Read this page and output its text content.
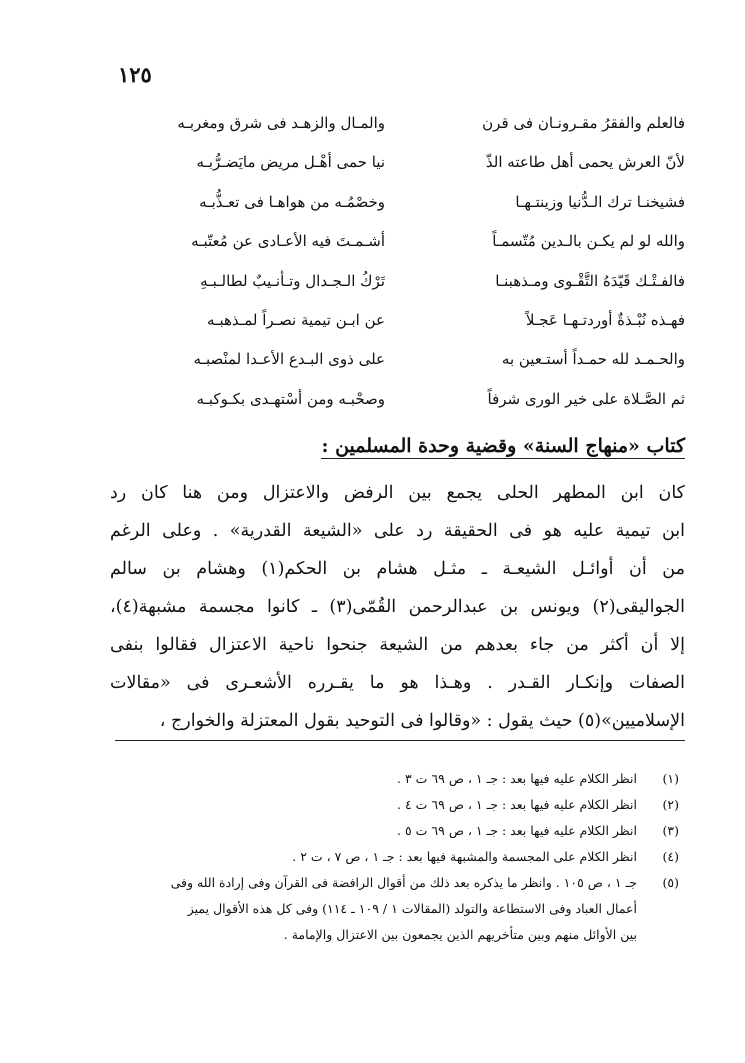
١٢٥
فالعلم والفقرُ مقـرونـان فى قرن
والمـال والزهـد فى شرق ومغربـه
لأنّ العرش يحمى أهل طاعته الذّ
نيا حمى أهْـل مريض مايَضـرُّبـه
فشيخنـا ترك الـدُّنيا وزينتـهـا
وخصْمُـه من هواهـا فى تعـذُّبـه
والله لو لم يكـن بالـدين مُتّسمـاً
أشـمـتَ فيه الأعـادى عن مُعتّبـه
فالفـتْـك قَيّدَهُ التَّقْـوى ومـذهبنـا
تَرْكُ الـجـدال وتـأنـيبٌ لطالـبـهِ
فهـذه نُبْـذةٌ أوردتـهـا عَجـلاً
عن ابـن تيمية نصـراً لمـذهبـه
والحـمـد لله حمـداً أستـعين به
على ذوى البـدع الأعـدا لمنْصبـه
ثم الصَّـلاة على خير الورى شرفاً
وصحْبـه ومن أسْتهـدى بكـوكبـه
كتاب «منهاج السنة» وقضية وحدة المسلمين :
كان ابن المطهر الحلى يجمع بين الرفض والاعتزال ومن هنا كان رد
ابن تيمية عليه هو فى الحقيقة رد على «الشيعة القدرية» . وعلى الرغم
من أن أوائـل الشيعـة ـ مثـل هشام بن الحكم(١) وهشام بن سالم
الجواليقى(٢) ويونس بن عبدالرحمن القُمّى(٣) ـ كانوا مجسمة مشبهة(٤)،
إلا أن أكثر من جاء بعدهم من الشيعة جنحوا ناحية الاعتزال فقالوا بنفى
الصفات وإنكـار القـدر . وهـذا هو ما يقـرره الأشعـرى فى «مقالات
الإسلاميين»(٥) حيث يقول : «وقالوا فى التوحيد بقول المعتزلة والخوارج ،
(١)
انظر الكلام عليه فيها بعد : جـ ١ ، ص ٦٩ ت ٣ .
(٢)
انظر الكلام عليه فيها بعد : جـ ١ ، ص ٦٩ ت ٤ .
(٣)
انظر الكلام عليه فيها بعد : جـ ١ ، ص ٦٩ ت ٥ .
(٤)
انظر الكلام على المجسمة والمشبهة فيها بعد : جـ ١ ، ص ٧ ، ت ٢ .
(٥)
جـ ١ ، ص ١٠٥ . وانظر ما يذكره بعد ذلك من أقوال الرافضة فى القرآن وفى إرادة الله وفى
أعمال العباد وفى الاستطاعة والتولد (المقالات ١ / ١٠٩ ـ ١١٤) وفى كل هذه الأقوال يميز
بين الأوائل منهم وبين متأخريهم الذين يجمعون بين الاعتزال والإمامة .
